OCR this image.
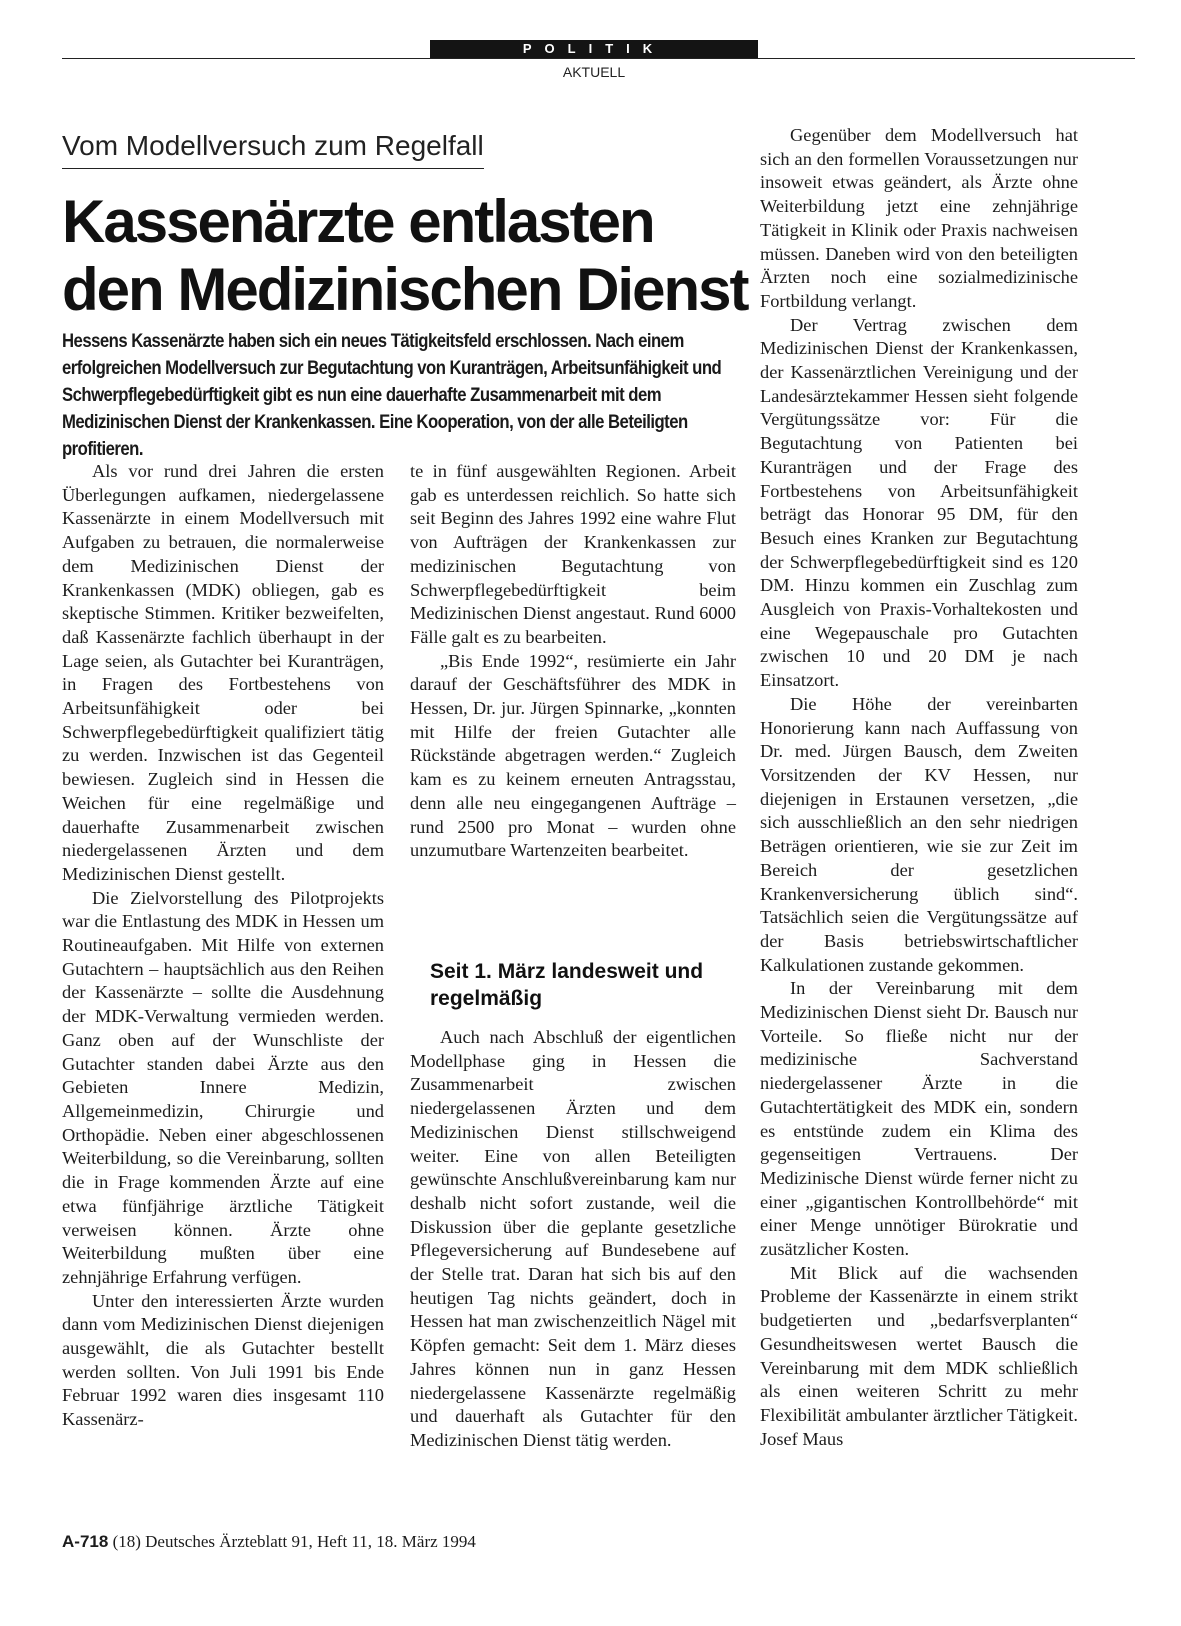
POLITIK
AKTUELL
Vom Modellversuch zum Regelfall
Kassenärzte entlasten den Medizinischen Dienst
Hessens Kassenärzte haben sich ein neues Tätigkeitsfeld erschlossen. Nach einem erfolgreichen Modellversuch zur Begutachtung von Kuranträgen, Arbeitsunfähigkeit und Schwerpflegebedürftigkeit gibt es nun eine dauerhafte Zusammenarbeit mit dem Medizinischen Dienst der Krankenkassen. Eine Kooperation, von der alle Beteiligten profitieren.

Als vor rund drei Jahren die ersten Überlegungen aufkamen, niedergelassene Kassenärzte in einem Modellversuch mit Aufgaben zu betrauen, die normalerweise dem Medizinischen Dienst der Krankenkassen (MDK) obliegen, gab es skeptische Stimmen. Kritiker bezweifelten, daß Kassenärzte fachlich überhaupt in der Lage seien, als Gutachter bei Kuranträgen, in Fragen des Fortbestehens von Arbeitsunfähigkeit oder bei Schwerpflegebedürftigkeit qualifiziert tätig zu werden. Inzwischen ist das Gegenteil bewiesen. Zugleich sind in Hessen die Weichen für eine regelmäßige und dauerhafte Zusammenarbeit zwischen niedergelassenen Ärzten und dem Medizinischen Dienst gestellt.

Die Zielvorstellung des Pilotprojekts war die Entlastung des MDK in Hessen um Routineaufgaben. Mit Hilfe von externen Gutachtern – hauptsächlich aus den Reihen der Kassenärzte – sollte die Ausdehnung der MDK-Verwaltung vermieden werden. Ganz oben auf der Wunschliste der Gutachter standen dabei Ärzte aus den Gebieten Innere Medizin, Allgemeinmedizin, Chirurgie und Orthopädie. Neben einer abgeschlossenen Weiterbildung, so die Vereinbarung, sollten die in Frage kommenden Ärzte auf eine etwa fünfjährige ärztliche Tätigkeit verweisen können. Ärzte ohne Weiterbildung mußten über eine zehnjährige Erfahrung verfügen.

Unter den interessierten Ärzte wurden dann vom Medizinischen Dienst diejenigen ausgewählt, die als Gutachter bestellt werden sollten. Von Juli 1991 bis Ende Februar 1992 waren dies insgesamt 110 Kassenärz-

te in fünf ausgewählten Regionen. Arbeit gab es unterdessen reichlich. So hatte sich seit Beginn des Jahres 1992 eine wahre Flut von Aufträgen der Krankenkassen zur medizinischen Begutachtung von Schwerpflegebedürftigkeit beim Medizinischen Dienst angestaut. Rund 6000 Fälle galt es zu bearbeiten.

„Bis Ende 1992“, resümierte ein Jahr darauf der Geschäftsführer des MDK in Hessen, Dr. jur. Jürgen Spinnarke, „konnten mit Hilfe der freien Gutachter alle Rückstände abgetragen werden.“ Zugleich kam es zu keinem erneuten Antragsstau, denn alle neu eingegangenen Aufträge – rund 2500 pro Monat – wurden ohne unzumutbare Wartenzeiten bearbeitet.

Seit 1. März landesweit und regelmäßig

Auch nach Abschluß der eigentlichen Modellphase ging in Hessen die Zusammenarbeit zwischen niedergelassenen Ärzten und dem Medizinischen Dienst stillschweigend weiter. Eine von allen Beteiligten gewünschte Anschlußvereinbarung kam nur deshalb nicht sofort zustande, weil die Diskussion über die geplante gesetzliche Pflegeversicherung auf Bundesebene auf der Stelle trat. Daran hat sich bis auf den heutigen Tag nichts geändert, doch in Hessen hat man zwischenzeitlich Nägel mit Köpfen gemacht: Seit dem 1. März dieses Jahres können nun in ganz Hessen niedergelassene Kassenärzte regelmäßig und dauerhaft als Gutachter für den Medizinischen Dienst tätig werden.

Gegenüber dem Modellversuch hat sich an den formellen Voraussetzungen nur insoweit etwas geändert, als Ärzte ohne Weiterbildung jetzt eine zehnjährige Tätigkeit in Klinik oder Praxis nachweisen müssen. Daneben wird von den beteiligten Ärzten noch eine sozialmedizinische Fortbildung verlangt.

Der Vertrag zwischen dem Medizinischen Dienst der Krankenkassen, der Kassenärztlichen Vereinigung und der Landesärztekammer Hessen sieht folgende Vergütungssätze vor: Für die Begutachtung von Patienten bei Kuranträgen und der Frage des Fortbestehens von Arbeitsunfähigkeit beträgt das Honorar 95 DM, für den Besuch eines Kranken zur Begutachtung der Schwerpflegebedürftigkeit sind es 120 DM. Hinzu kommen ein Zuschlag zum Ausgleich von Praxis-Vorhaltekosten und eine Wegepauschale pro Gutachten zwischen 10 und 20 DM je nach Einsatzort.

Die Höhe der vereinbarten Honorierung kann nach Auffassung von Dr. med. Jürgen Bausch, dem Zweiten Vorsitzenden der KV Hessen, nur diejenigen in Erstaunen versetzen, „die sich ausschließlich an den sehr niedrigen Beträgen orientieren, wie sie zur Zeit im Bereich der gesetzlichen Krankenversicherung üblich sind“. Tatsächlich seien die Vergütungssätze auf der Basis betriebswirtschaftlicher Kalkulationen zustande gekommen.

In der Vereinbarung mit dem Medizinischen Dienst sieht Dr. Bausch nur Vorteile. So fließe nicht nur der medizinische Sachverstand niedergelassener Ärzte in die Gutachtertätigkeit des MDK ein, sondern es entstünde zudem ein Klima des gegenseitigen Vertrauens. Der Medizinische Dienst würde ferner nicht zu einer „gigantischen Kontrollbehörde“ mit einer Menge unnötiger Bürokratie und zusätzlicher Kosten.

Mit Blick auf die wachsenden Probleme der Kassenärzte in einem strikt budgetierten und „bedarfsverplanten“ Gesundheitswesen wertet Bausch die Vereinbarung mit dem MDK schließlich als einen weiteren Schritt zu mehr Flexibilität ambulanter ärztlicher Tätigkeit. Josef Maus

A-718 (18) Deutsches Ärzteblatt 91, Heft 11, 18. März 1994
